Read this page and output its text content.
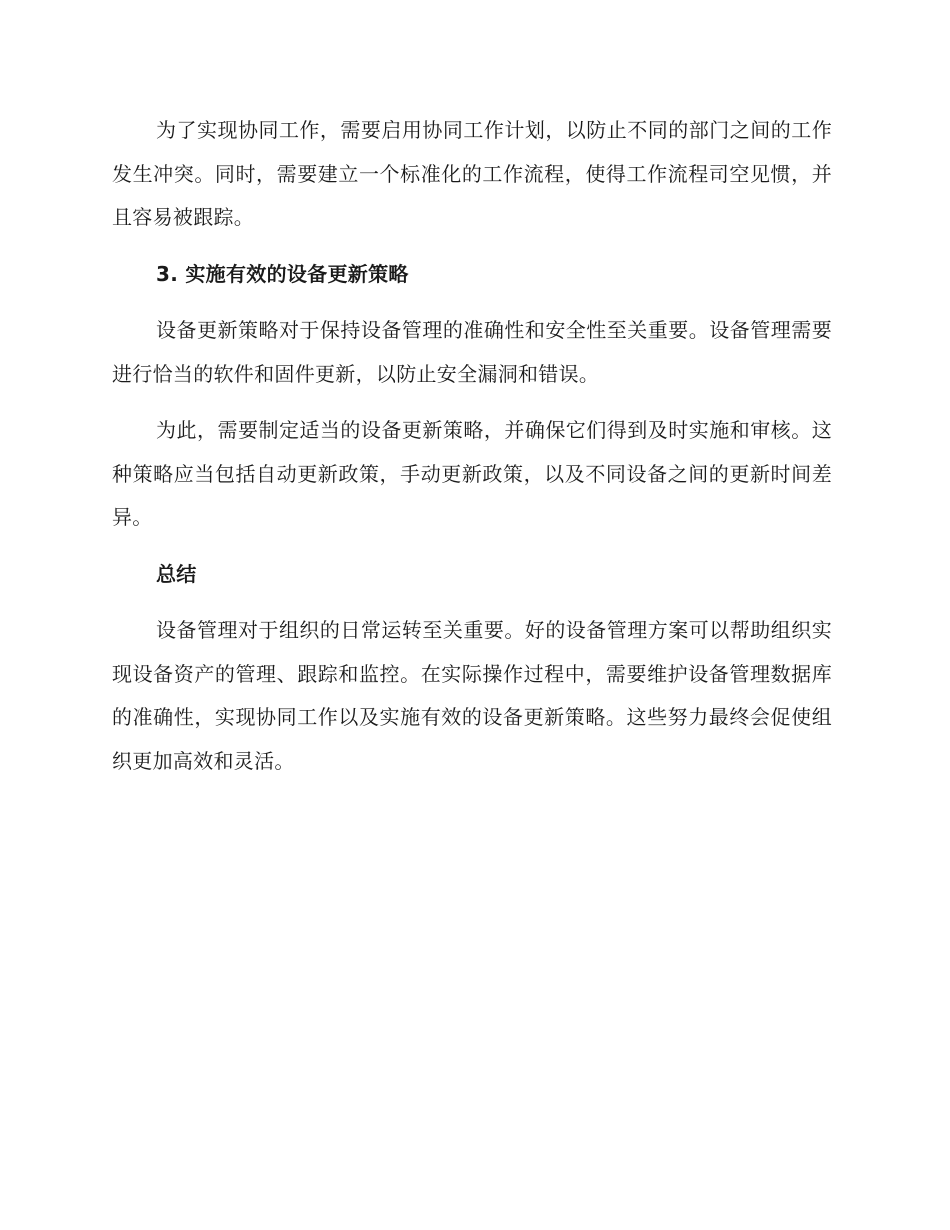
为了实现协同工作，需要启用协同工作计划，以防止不同的部门之间的工作发生冲突。同时，需要建立一个标准化的工作流程，使得工作流程司空见惯，并且容易被跟踪。

3. 实施有效的设备更新策略

设备更新策略对于保持设备管理的准确性和安全性至关重要。设备管理需要进行恰当的软件和固件更新，以防止安全漏洞和错误。

为此，需要制定适当的设备更新策略，并确保它们得到及时实施和审核。这种策略应当包括自动更新政策，手动更新政策，以及不同设备之间的更新时间差异。

总结

设备管理对于组织的日常运转至关重要。好的设备管理方案可以帮助组织实现设备资产的管理、跟踪和监控。在实际操作过程中，需要维护设备管理数据库的准确性，实现协同工作以及实施有效的设备更新策略。这些努力最终会促使组织更加高效和灵活。
